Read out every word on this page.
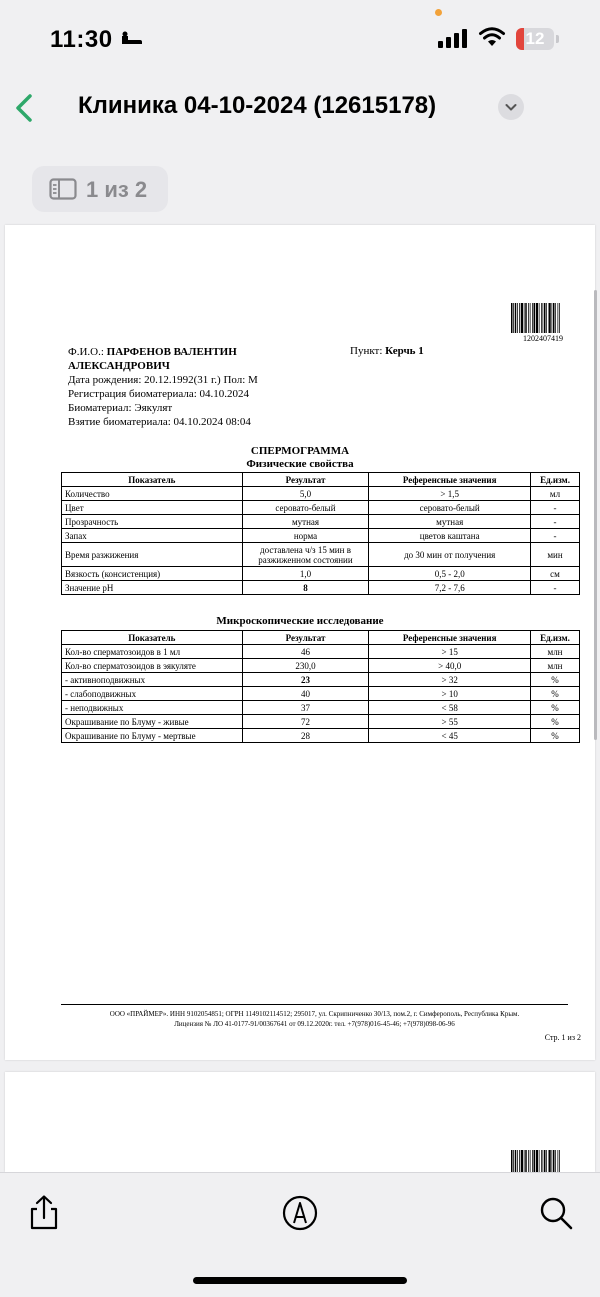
11:30	12
Клиника 04-10-2024 (12615178)
1 из 2
1202407419
Ф.И.О.: ПАРФЕНОВ ВАЛЕНТИН
АЛЕКСАНДРОВИЧ
Дата рождения: 20.12.1992(31 г.) Пол: М
Регистрация биоматериала: 04.10.2024
Биоматериал: Эякулят
Взятие биоматериала: 04.10.2024 08:04
Пункт: Керчь 1
СПЕРМОГРАММА
Физические свойства
Показатель	Результат	Референсные значения	Ед.изм.
Количество	5,0	> 1,5	мл
Цвет	серовато-белый	серовато-белый	-
Прозрачность	мутная	мутная	-
Запах	норма	цветов каштана	-
Время разжижения	доставлена ч/з 15 мин в разжиженном состоянии	до 30 мин от получения	мин
Вязкость (консистенция)	1,0	0,5 - 2,0	см
Значение pH	8	7,2 - 7,6	-
Микроскопические исследование
Показатель	Результат	Референсные значения	Ед.изм.
Кол-во сперматозоидов в 1 мл	46	> 15	млн
Кол-во сперматозоидов в эякуляте	230,0	> 40,0	млн
- активноподвижных	23	> 32	%
- слабоподвижных	40	> 10	%
- неподвижных	37	< 58	%
Окрашивание по Блуму - живые	72	> 55	%
Окрашивание по Блуму - мертвые	28	< 45	%
ООО «ПРАЙМЕР». ИНН 9102054851; ОГРН 1149102114512; 295017, ул. Скрипниченко 30/13, пом.2, г. Симферополь, Республика Крым.
Лицензия № ЛО 41-0177-91/00367641 от 09.12.2020г. тел. +7(978)016-45-46; +7(978)098-06-96
Стр. 1 из 2
